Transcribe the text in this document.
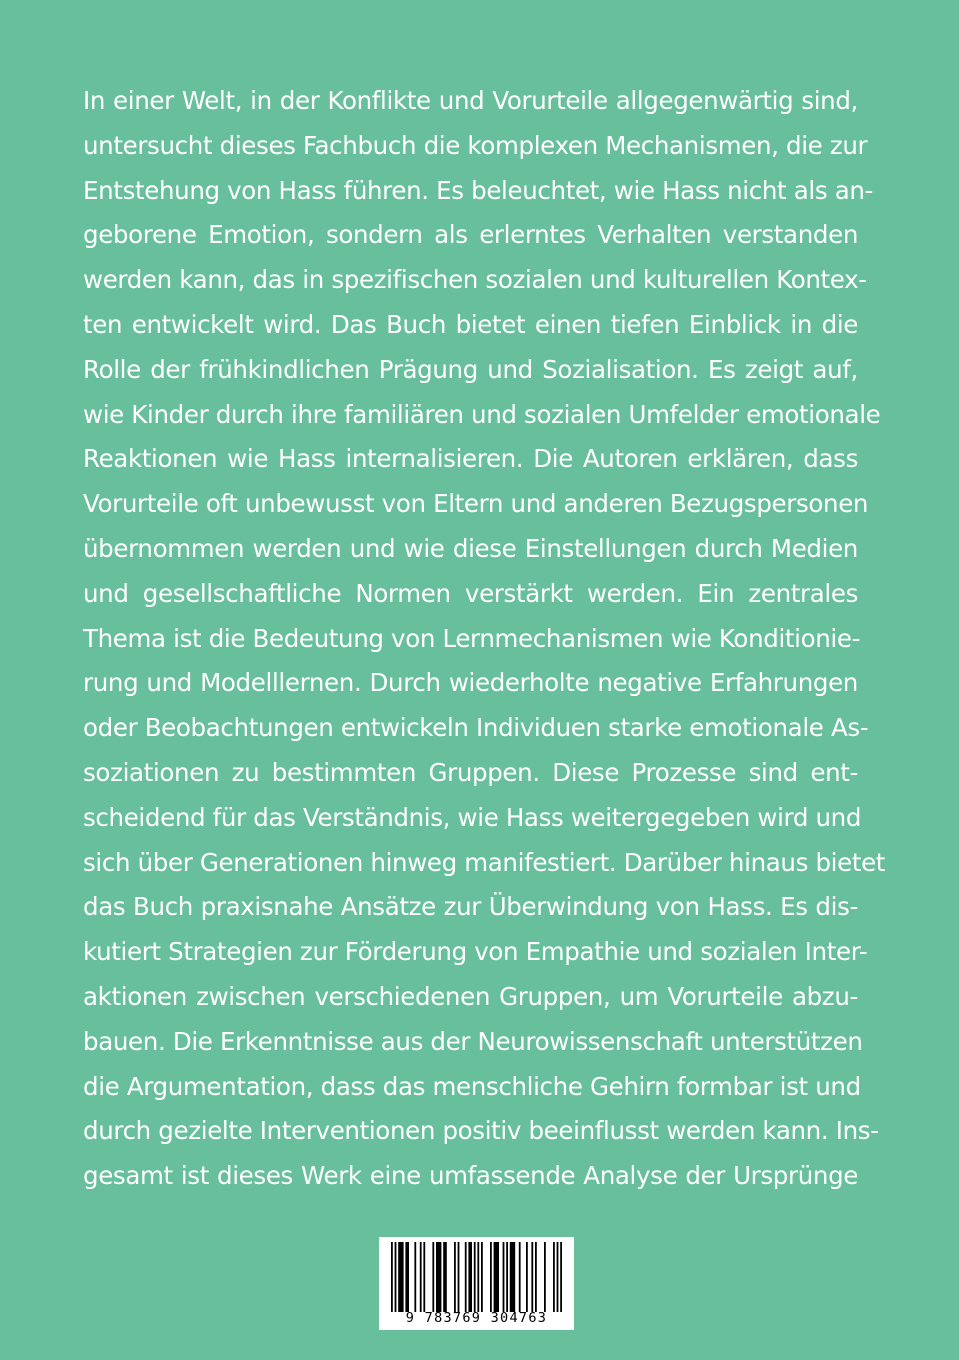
In einer Welt, in der Konflikte und Vorurteile allgegenwärtig sind,
untersucht dieses Fachbuch die komplexen Mechanismen, die zur
Entstehung von Hass führen. Es beleuchtet, wie Hass nicht als an-
geborene Emotion, sondern als erlerntes Verhalten verstanden
werden kann, das in spezifischen sozialen und kulturellen Kontex-
ten entwickelt wird. Das Buch bietet einen tiefen Einblick in die
Rolle der frühkindlichen Prägung und Sozialisation. Es zeigt auf,
wie Kinder durch ihre familiären und sozialen Umfelder emotionale
Reaktionen wie Hass internalisieren. Die Autoren erklären, dass
Vorurteile oft unbewusst von Eltern und anderen Bezugspersonen
übernommen werden und wie diese Einstellungen durch Medien
und gesellschaftliche Normen verstärkt werden. Ein zentrales
Thema ist die Bedeutung von Lernmechanismen wie Konditionie-
rung und Modelllernen. Durch wiederholte negative Erfahrungen
oder Beobachtungen entwickeln Individuen starke emotionale As-
soziationen zu bestimmten Gruppen. Diese Prozesse sind ent-
scheidend für das Verständnis, wie Hass weitergegeben wird und
sich über Generationen hinweg manifestiert. Darüber hinaus bietet
das Buch praxisnahe Ansätze zur Überwindung von Hass. Es dis-
kutiert Strategien zur Förderung von Empathie und sozialen Inter-
aktionen zwischen verschiedenen Gruppen, um Vorurteile abzu-
bauen. Die Erkenntnisse aus der Neurowissenschaft unterstützen
die Argumentation, dass das menschliche Gehirn formbar ist und
durch gezielte Interventionen positiv beeinflusst werden kann. Ins-
gesamt ist dieses Werk eine umfassende Analyse der Ursprünge
9 783769 304763
